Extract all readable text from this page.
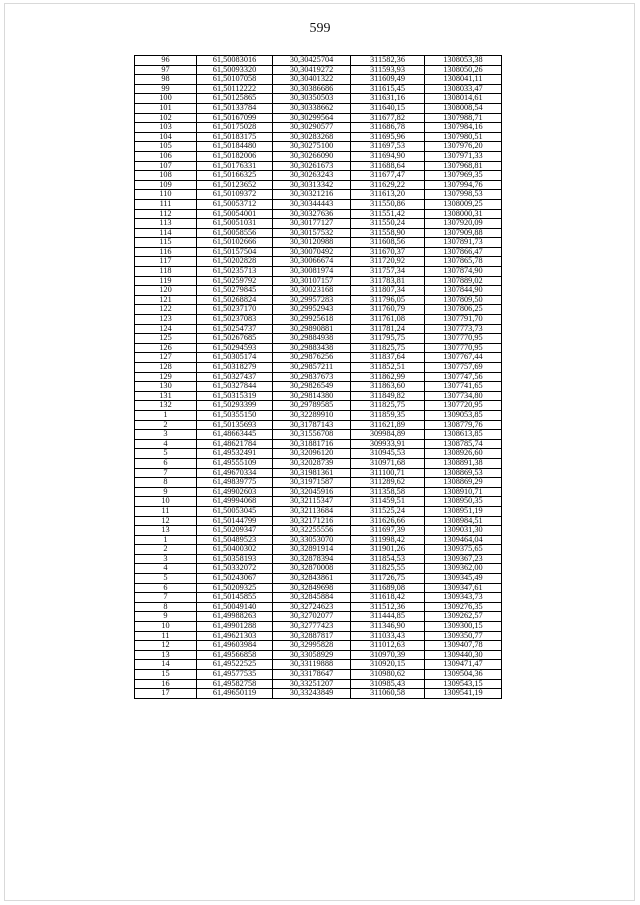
599
96	61,50083016	30,30425704	311582,36	1308053,38
97	61,50093320	30,30419272	311593,93	1308050,26
98	61,50107058	30,30401322	311609,49	1308041,11
99	61,50112222	30,30386686	311615,45	1308033,47
100	61,50125865	30,30350503	311631,16	1308014,61
101	61,50133784	30,30338662	311640,15	1308008,54
102	61,50167099	30,30299564	311677,82	1307988,71
103	61,50175028	30,30290577	311686,78	1307984,16
104	61,50183175	30,30283268	311695,96	1307980,51
105	61,50184480	30,30275100	311697,53	1307976,20
106	61,50182006	30,30266090	311694,90	1307971,33
107	61,50176331	30,30261673	311688,64	1307968,81
108	61,50166325	30,30263243	311677,47	1307969,35
109	61,50123652	30,30313342	311629,22	1307994,76
110	61,50109372	30,30321216	311613,20	1307998,53
111	61,50053712	30,30344443	311550,86	1308009,25
112	61,50054001	30,30327636	311551,42	1308000,31
113	61,50051031	30,30177127	311550,24	1307920,09
114	61,50058556	30,30157532	311558,90	1307909,88
115	61,50102666	30,30120988	311608,56	1307891,73
116	61,50157504	30,30070492	311670,37	1307866,47
117	61,50202828	30,30066674	311720,92	1307865,78
118	61,50235713	30,30081974	311757,34	1307874,90
119	61,50259792	30,30107157	311783,81	1307889,02
120	61,50279845	30,30023168	311807,34	1307844,90
121	61,50268824	30,29957283	311796,05	1307809,50
122	61,50237170	30,29952943	311760,79	1307806,25
123	61,50237083	30,29925618	311761,08	1307791,70
124	61,50254737	30,29890881	311781,24	1307773,73
125	61,50267685	30,29884938	311795,75	1307770,95
126	61,50294593	30,29883438	311825,75	1307770,95
127	61,50305174	30,29876256	311837,64	1307767,44
128	61,50318279	30,29857211	311852,51	1307757,69
129	61,50327437	30,29837673	311862,99	1307747,56
130	61,50327844	30,29826549	311863,60	1307741,65
131	61,50315319	30,29814380	311849,82	1307734,80
132	61,50293399	30,29789585	311825,75	1307720,95
1	61,50355150	30,32289910	311859,35	1309053,85
2	61,50135693	30,31787143	311621,89	1308779,76
3	61,48663445	30,31556708	309984,89	1308613,85
4	61,48621784	30,31881716	309933,91	1308785,74
5	61,49532491	30,32096120	310945,53	1308926,60
6	61,49555109	30,32028739	310971,68	1308891,38
7	61,49670334	30,31981361	311100,71	1308869,53
8	61,49839775	30,31971587	311289,62	1308869,29
9	61,49902603	30,32045916	311358,58	1308910,71
10	61,49994068	30,32115347	311459,51	1308950,35
11	61,50053045	30,32113684	311525,24	1308951,19
12	61,50144799	30,32171216	311626,66	1308984,51
13	61,50209347	30,32255556	311697,39	1309031,30
1	61,50489523	30,33053070	311998,42	1309464,04
2	61,50400302	30,32891914	311901,26	1309375,65
3	61,50358193	30,32878394	311854,53	1309367,23
4	61,50332072	30,32870008	311825,55	1309362,00
5	61,50243067	30,32843861	311726,75	1309345,49
6	61,50209325	30,32849698	311689,08	1309347,61
7	61,50145855	30,32845884	311618,42	1309343,73
8	61,50049140	30,32724623	311512,36	1309276,35
9	61,49988263	30,32702077	311444,85	1309262,57
10	61,49901288	30,32777423	311346,90	1309300,15
11	61,49621303	30,32887817	311033,43	1309350,77
12	61,49603984	30,32995828	311012,63	1309407,78
13	61,49566858	30,33058929	310970,39	1309440,30
14	61,49522525	30,33119888	310920,15	1309471,47
15	61,49577535	30,33178647	310980,62	1309504,36
16	61,49582758	30,33251207	310985,43	1309543,15
17	61,49650119	30,33243849	311060,58	1309541,19
